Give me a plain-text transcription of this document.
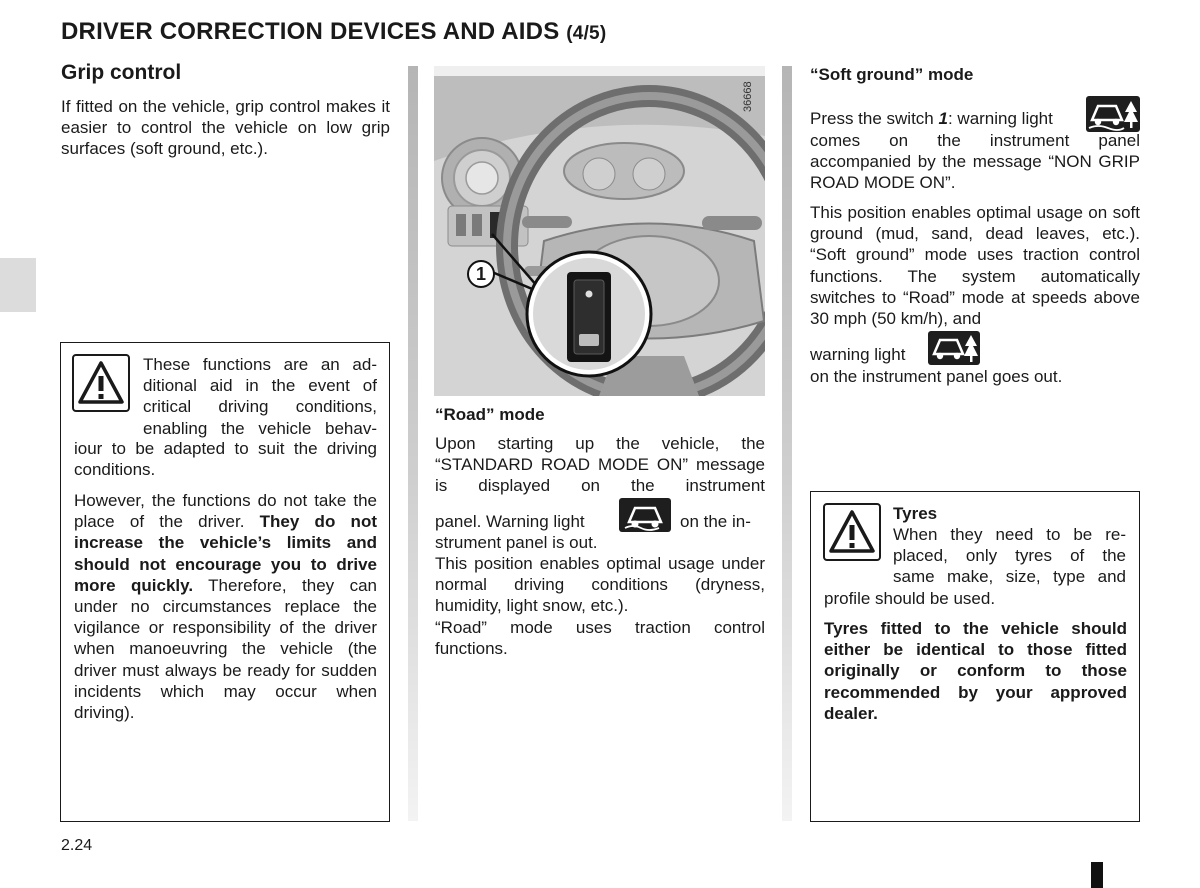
DRIVER CORRECTION DEVICES AND AIDS (4/5)
Grip control

If fitted on the vehicle, grip control makes it easier to control the vehicle on low grip surfaces (soft ground, etc.).

These functions are an ad-

ditional aid in the event of

critical driving conditions,

enabling the vehicle behav-

iour to be adapted to suit the driving conditions.

However, the functions do not take the place of the driver. They do not increase the vehicle’s limits and should not encourage you to drive more quickly. Therefore, they can under no circumstances replace the vigilance or responsibility of the driver when manoeuvring the vehicle (the driver must always be ready for sudden incidents which may occur when driving).

36668
1

“Road” mode

Upon starting up the vehicle, the “STANDARD ROAD MODE ON” message is displayed on the instrument

panel. Warning light	on the in-

strument panel is out.

This position enables optimal usage under normal driving conditions (dryness, humidity, light snow, etc.).

“Road” mode uses traction control functions.

“Soft ground” mode

Press the switch 1: warning light

comes on the instrument panel accompanied by the message “NON GRIP ROAD MODE ON”.

This position enables optimal usage on soft ground (mud, sand, dead leaves, etc.). “Soft ground” mode uses traction control functions. The system automatically switches to “Road” mode at speeds above 30 mph (50 km/h), and

warning light

on the instrument panel goes out.

Tyres

When they need to be re-

placed, only tyres of the

same make, size, type and

profile should be used.

Tyres fitted to the vehicle should either be identical to those fitted originally or conform to those recommended by your approved dealer.

2.24
